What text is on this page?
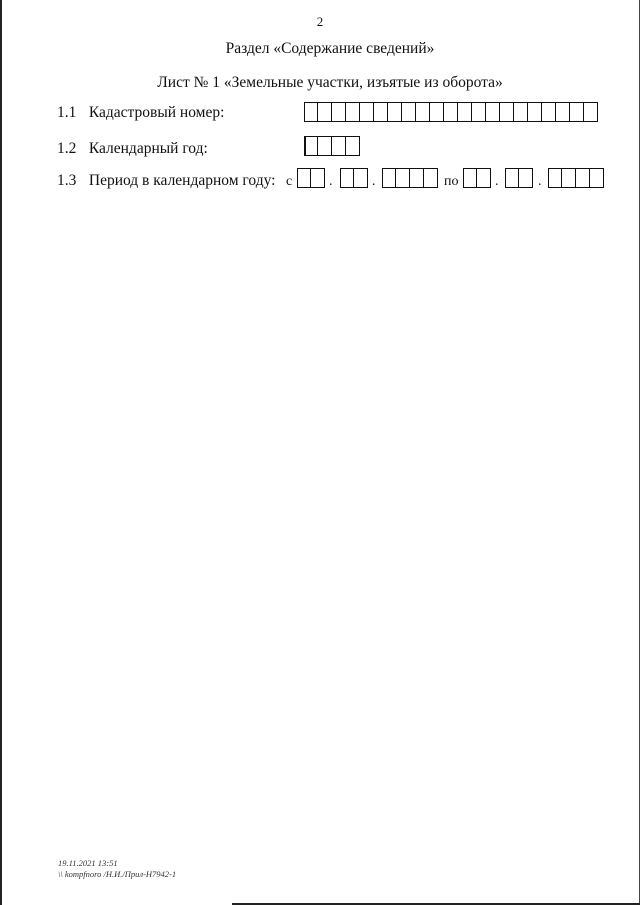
2
Раздел «Содержание сведений»
Лист № 1 «Земельные участки, изъятые из оборота»
1.1 Кадастровый номер:
1.2 Календарный год:
1.3 Период в календарном году: с	.	.	по	.	.
19.11.2021 13:51
\\ kompfnoro /Н.И./Прил-Н7942-1
